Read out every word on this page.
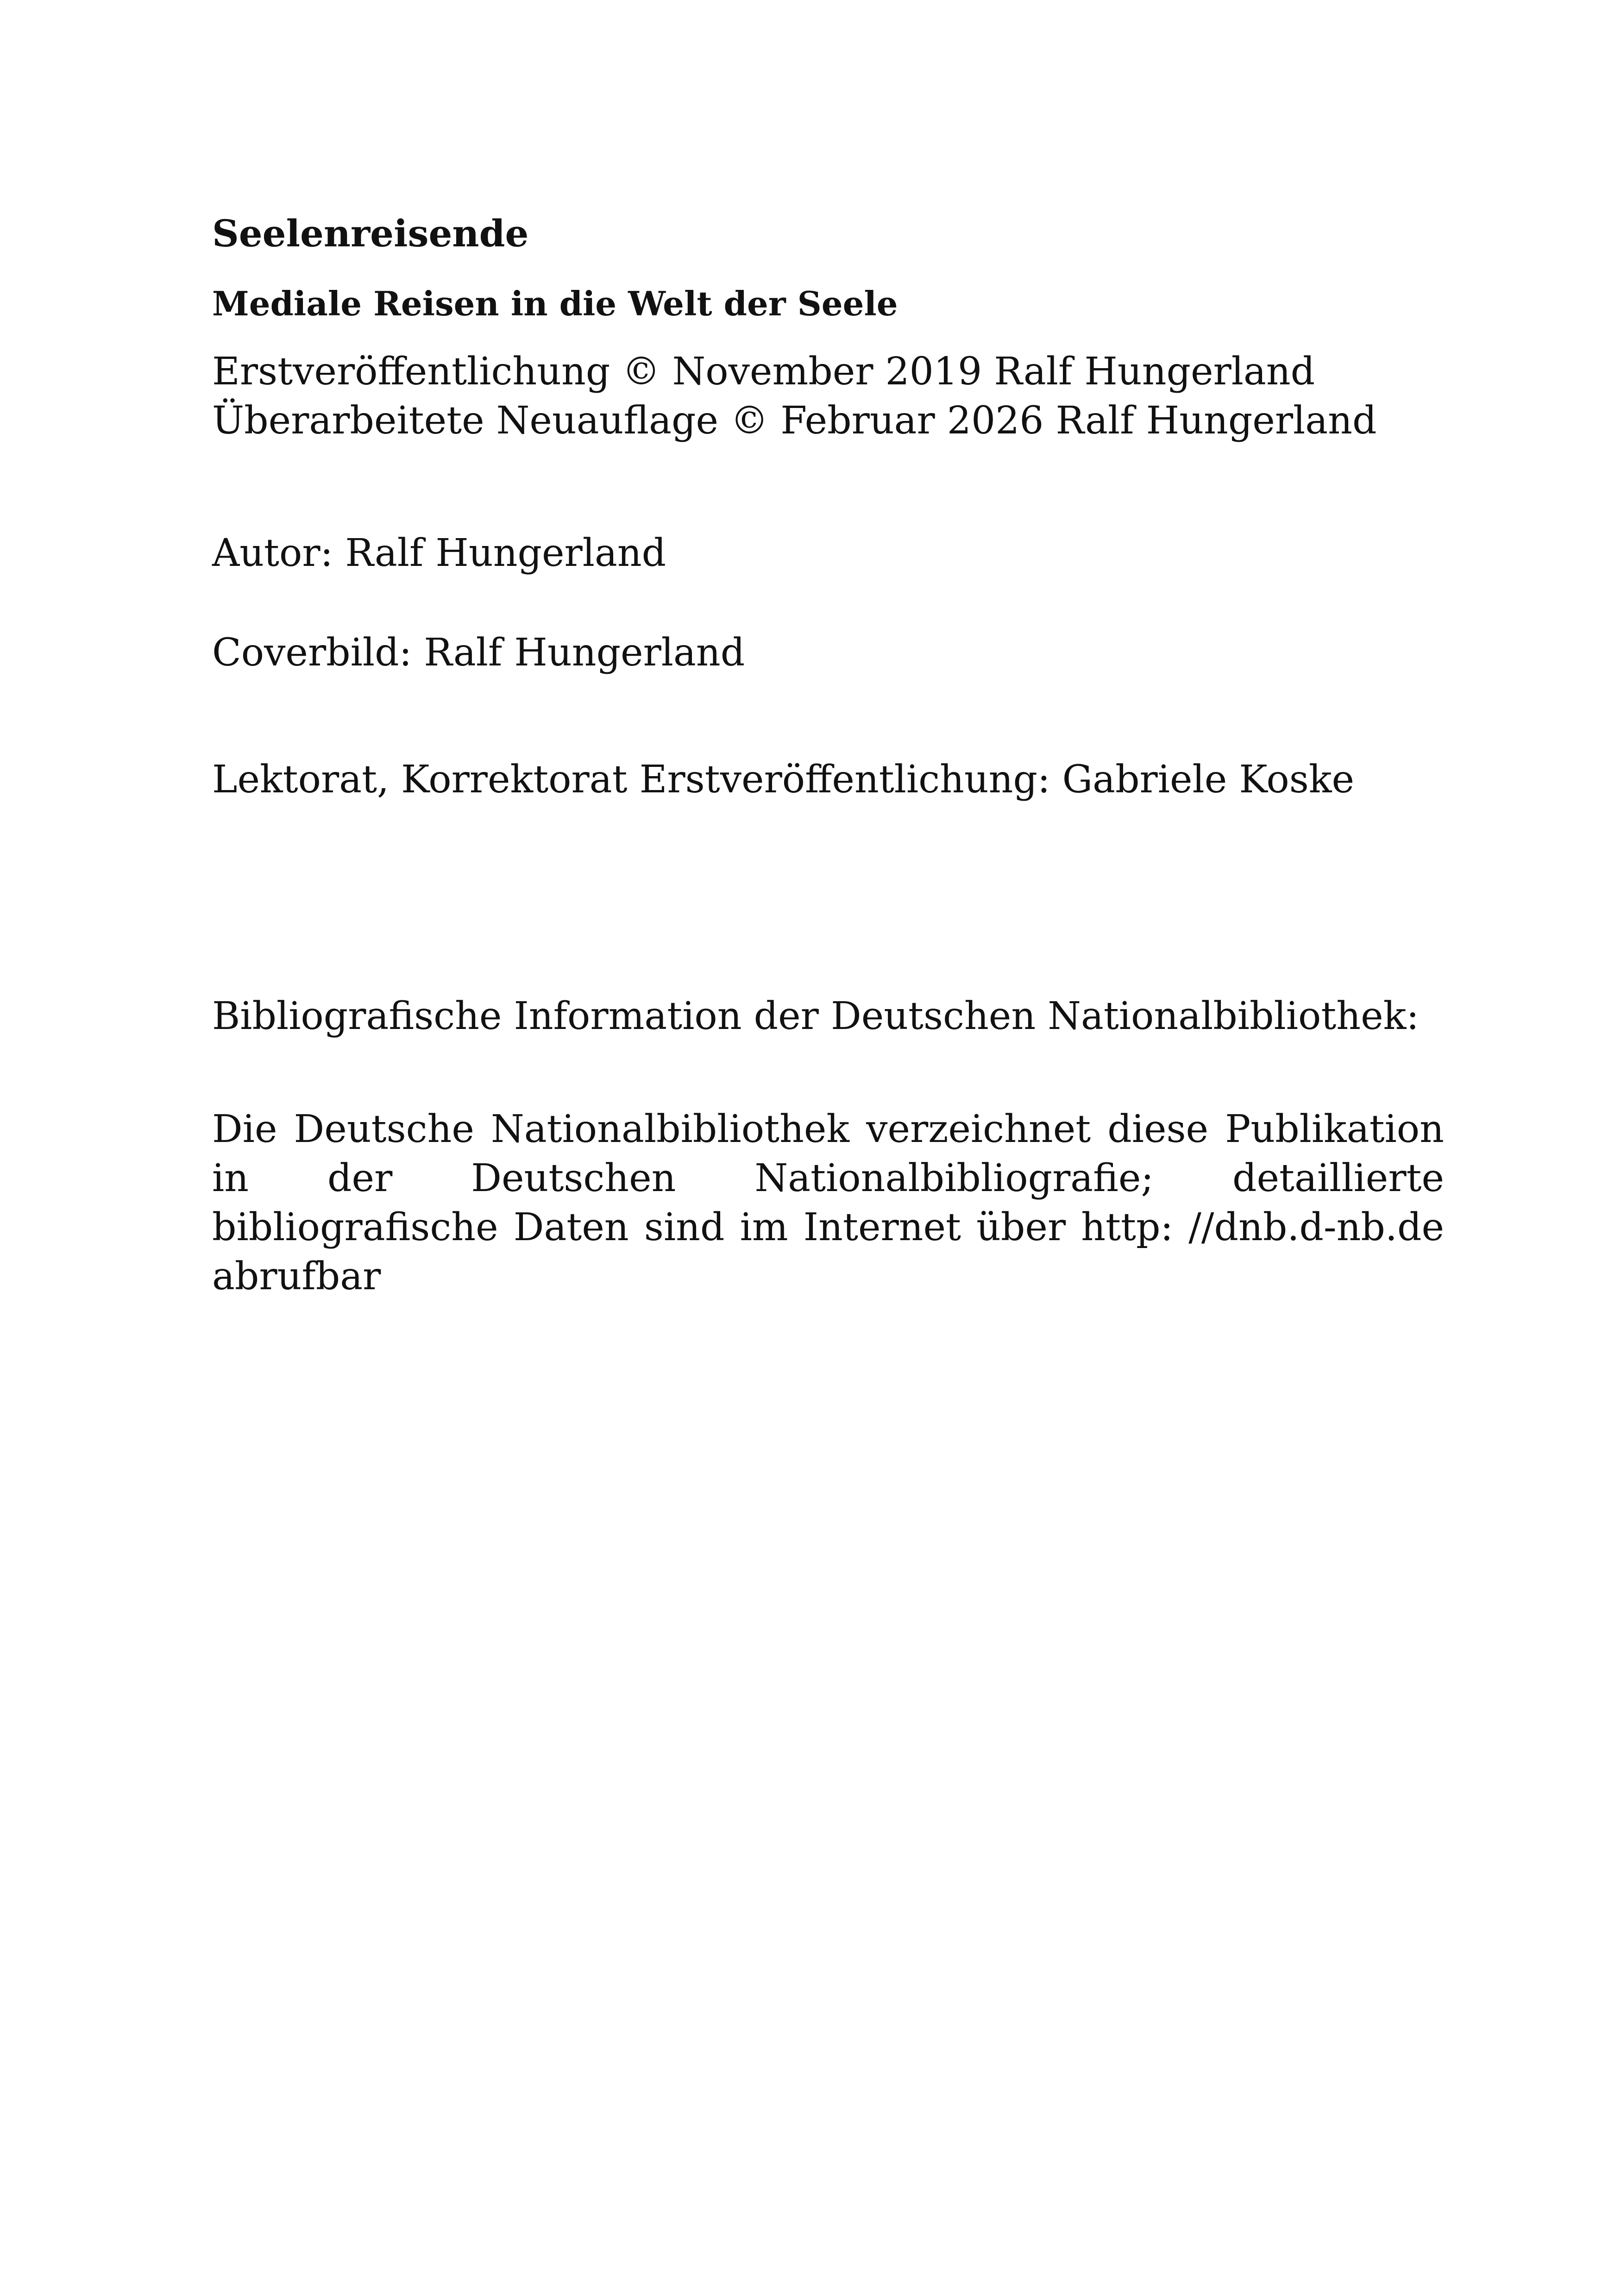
Seelenreisende
Mediale Reisen in die Welt der Seele
Erstveröffentlichung © November 2019 Ralf Hungerland
Überarbeitete Neuauflage © Februar 2026 Ralf Hungerland

Autor: Ralf Hungerland

Coverbild: Ralf Hungerland

Lektorat, Korrektorat Erstveröffentlichung: Gabriele Koske

Bibliografische Information der Deutschen Nationalbibliothek:

Die Deutsche Nationalbibliothek verzeichnet diese Publikation in der Deutschen Nationalbibliografie; detaillierte bibliografische Daten sind im Internet über http: //dnb.d-nb.de abrufbar
